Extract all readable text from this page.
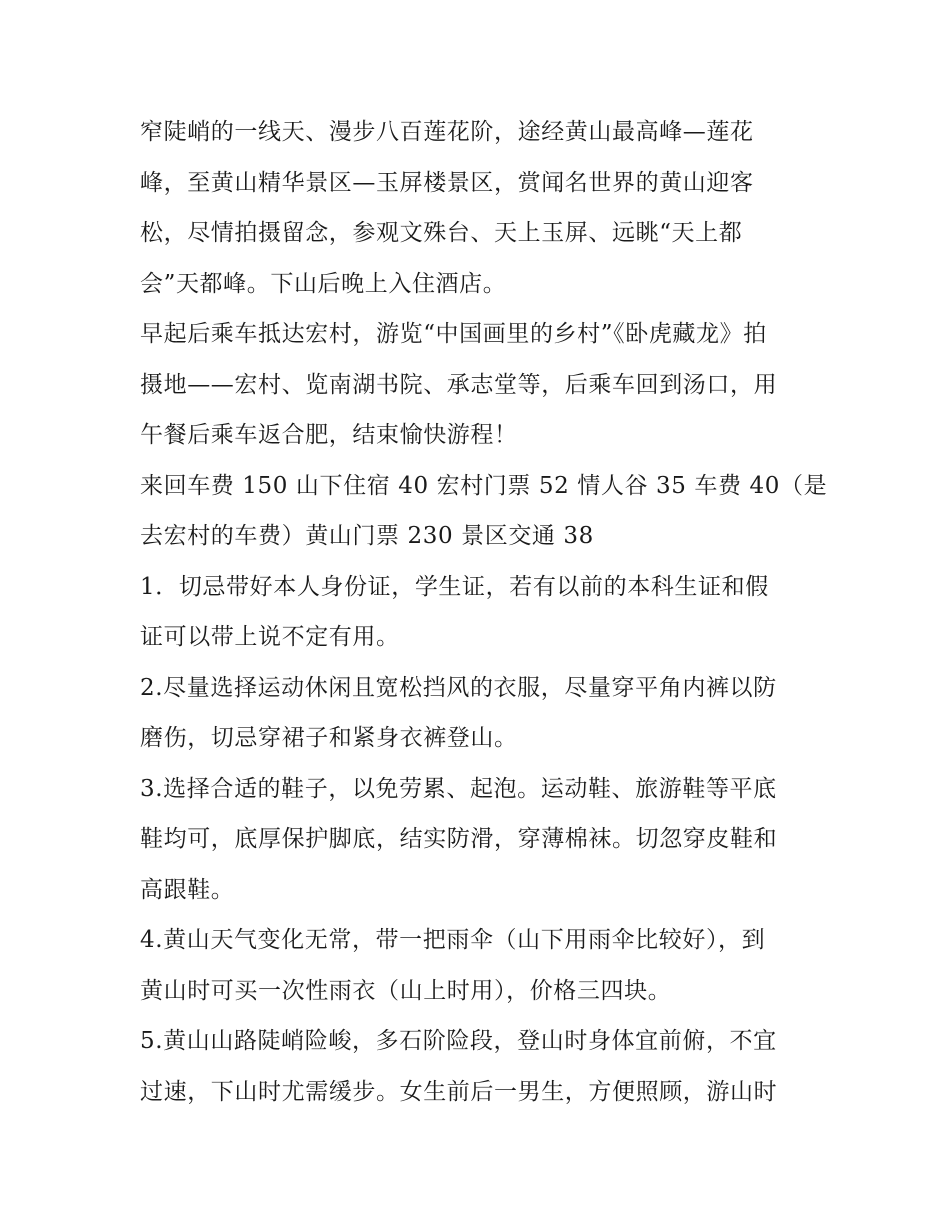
窄陡峭的一线天、漫步八百莲花阶，途经黄山最高峰—莲花
峰，至黄山精华景区—玉屏楼景区，赏闻名世界的黄山迎客
松，尽情拍摄留念，参观文殊台、天上玉屏、远眺“天上都
会”天都峰。下山后晚上入住酒店。
早起后乘车抵达宏村，游览“中国画里的乡村”《卧虎藏龙》拍
摄地——宏村、览南湖书院、承志堂等，后乘车回到汤口，用
午餐后乘车返合肥，结束愉快游程！
来回车费 150 山下住宿 40 宏村门票 52 情人谷 35 车费 40（是
去宏村的车费）黄山门票 230 景区交通 38
1．切忌带好本人身份证，学生证，若有以前的本科生证和假
证可以带上说不定有用。
2.尽量选择运动休闲且宽松挡风的衣服，尽量穿平角内裤以防
磨伤，切忌穿裙子和紧身衣裤登山。
3.选择合适的鞋子，以免劳累、起泡。运动鞋、旅游鞋等平底
鞋均可，底厚保护脚底，结实防滑，穿薄棉袜。切忽穿皮鞋和
高跟鞋。
4.黄山天气变化无常，带一把雨伞（山下用雨伞比较好），到
黄山时可买一次性雨衣（山上时用），价格三四块。
5.黄山山路陡峭险峻，多石阶险段，登山时身体宜前俯，不宜
过速，下山时尤需缓步。女生前后一男生，方便照顾，游山时
